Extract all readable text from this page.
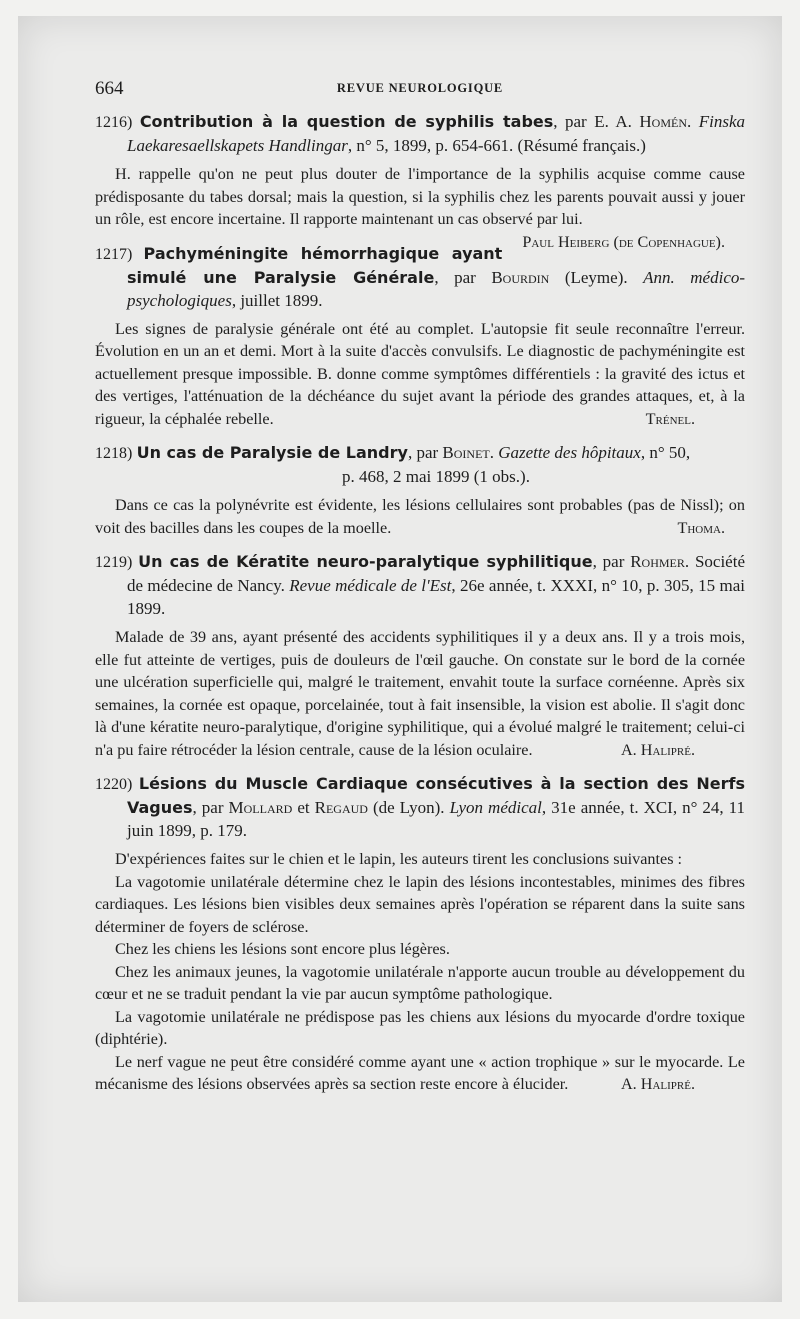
664	REVUE NEUROLOGIQUE
1216) Contribution à la question de syphilis tabes, par E. A. Homén. Finska Laekaresaellskapets Handlingar, n° 5, 1899, p. 654-661. (Résumé français.)

H. rappelle qu'on ne peut plus douter de l'importance de la syphilis acquise comme cause prédisposante du tabes dorsal; mais la question, si la syphilis chez les parents pouvait aussi y jouer un rôle, est encore incertaine. Il rapporte maintenant un cas observé par lui.
Paul Heiberg (de Copenhague).

1217) Pachyméningite hémorrhagique ayant simulé une Paralysie Générale, par Bourdin (Leyme). Ann. médico-psychologiques, juillet 1899.

Les signes de paralysie générale ont été au complet. L'autopsie fit seule reconnaître l'erreur. Évolution en un an et demi. Mort à la suite d'accès convulsifs. Le diagnostic de pachyméningite est actuellement presque impossible. B. donne comme symptômes différentiels : la gravité des ictus et des vertiges, l'atténuation de la déchéance du sujet avant la période des grandes attaques, et, à la rigueur, la céphalée rebelle.	Trénel.

1218) Un cas de Paralysie de Landry, par Boinet. Gazette des hôpitaux, n° 50,
p. 468, 2 mai 1899 (1 obs.).

Dans ce cas la polynévrite est évidente, les lésions cellulaires sont probables (pas de Nissl); on voit des bacilles dans les coupes de la moelle.	Thoma.

1219) Un cas de Kératite neuro-paralytique syphilitique, par Rohmer. Société de médecine de Nancy. Revue médicale de l'Est, 26e année, t. XXXI, n° 10, p. 305, 15 mai 1899.

Malade de 39 ans, ayant présenté des accidents syphilitiques il y a deux ans. Il y a trois mois, elle fut atteinte de vertiges, puis de douleurs de l'œil gauche. On constate sur le bord de la cornée une ulcération superficielle qui, malgré le traitement, envahit toute la surface cornéenne. Après six semaines, la cornée est opaque, porcelainée, tout à fait insensible, la vision est abolie. Il s'agit donc là d'une kératite neuro-paralytique, d'origine syphilitique, qui a évolué malgré le traitement; celui-ci n'a pu faire rétrocéder la lésion centrale, cause de la lésion oculaire.	A. Halipré.

1220) Lésions du Muscle Cardiaque consécutives à la section des Nerfs Vagues, par Mollard et Regaud (de Lyon). Lyon médical, 31e année, t. XCI, n° 24, 11 juin 1899, p. 179.

D'expériences faites sur le chien et le lapin, les auteurs tirent les conclusions suivantes :

La vagotomie unilatérale détermine chez le lapin des lésions incontestables, minimes des fibres cardiaques. Les lésions bien visibles deux semaines après l'opération se réparent dans la suite sans déterminer de foyers de sclérose.

Chez les chiens les lésions sont encore plus légères.

Chez les animaux jeunes, la vagotomie unilatérale n'apporte aucun trouble au développement du cœur et ne se traduit pendant la vie par aucun symptôme pathologique.

La vagotomie unilatérale ne prédispose pas les chiens aux lésions du myocarde d'ordre toxique (diphtérie).

Le nerf vague ne peut être considéré comme ayant une « action trophique » sur le myocarde. Le mécanisme des lésions observées après sa section reste encore à élucider.	A. Halipré.
